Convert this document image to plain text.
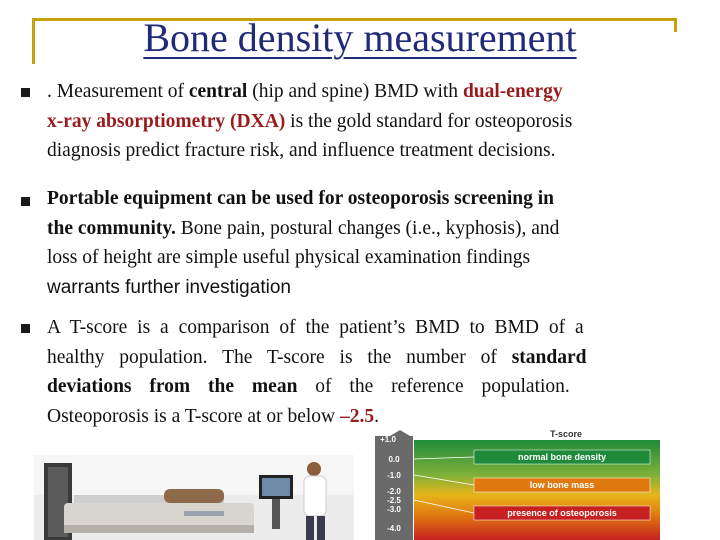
Bone density measurement
. Measurement of central (hip and spine) BMD with dual-energy
x-ray absorptiometry (DXA) is the gold standard for osteoporosis
diagnosis predict fracture risk, and influence treatment decisions.
Portable equipment can be used for osteoporosis screening in
the community. Bone pain, postural changes (i.e., kyphosis), and
loss of height are simple useful physical examination findings
warrants further investigation
A T-score is a comparison of the patient’s BMD to BMD of a
healthy population. The T-score is the number of standard
deviations from the mean of the reference population.
Osteoporosis is a T-score at or below –2.5.
T-score
normal bone density
low bone mass
presence of osteoporosis
+1.0
0.0
-1.0
-2.0
-2.5
-3.0
-4.0
